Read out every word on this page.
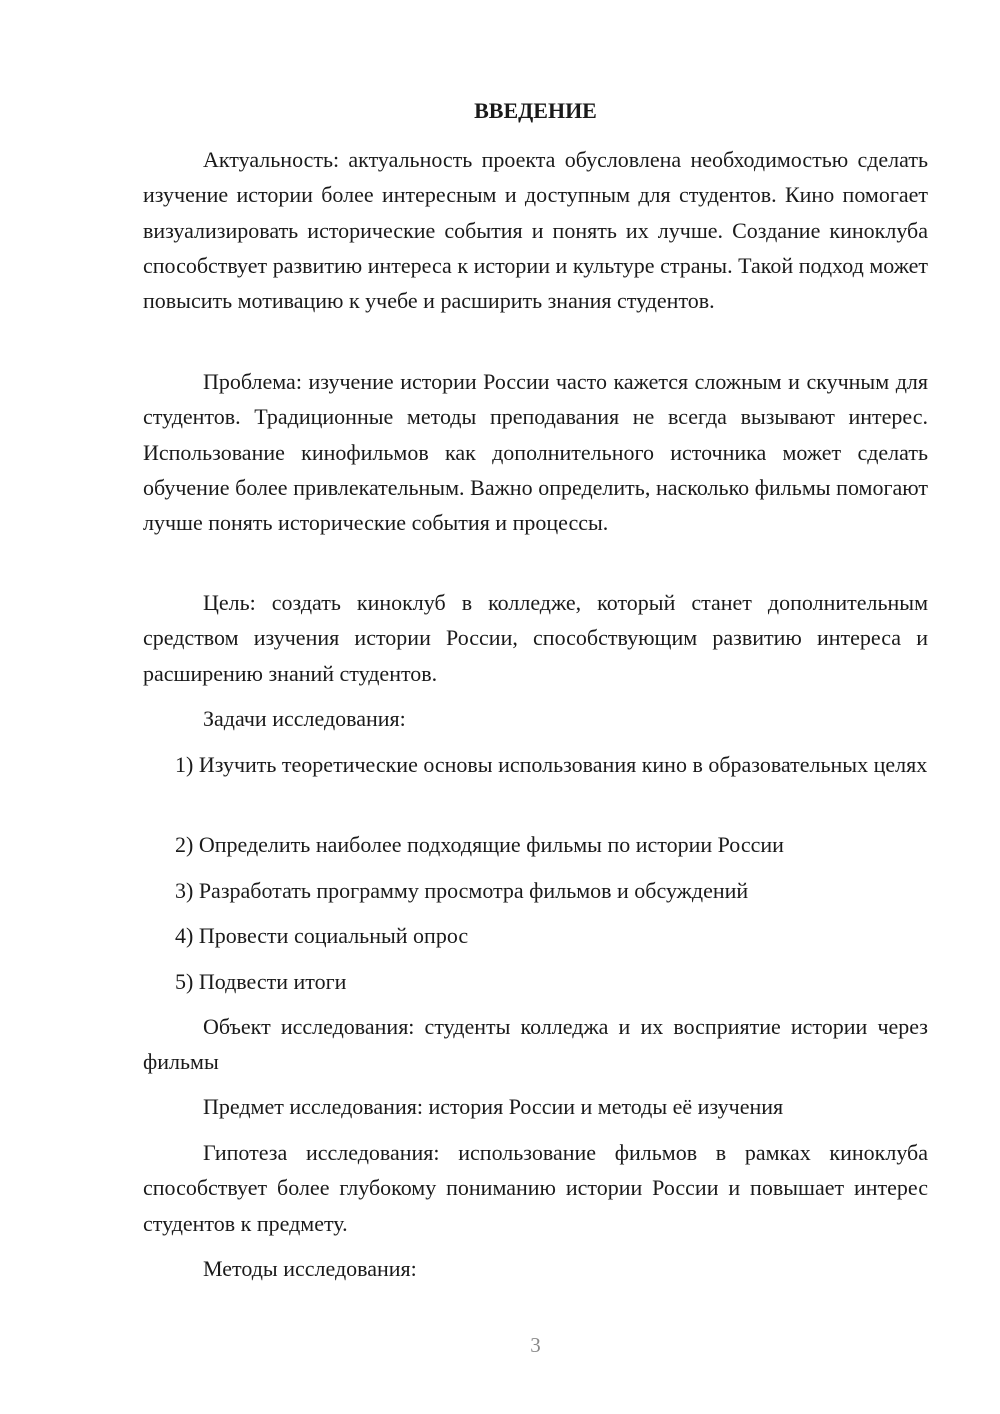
ВВЕДЕНИЕ
Актуальность: актуальность проекта обусловлена необходимостью сделать изучение истории более интересным и доступным для студентов. Кино помогает визуализировать исторические события и понять их лучше. Создание киноклуба способствует развитию интереса к истории и культуре страны. Такой подход может повысить мотивацию к учебе и расширить знания студентов.
Проблема: изучение истории России часто кажется сложным и скучным для студентов. Традиционные методы преподавания не всегда вызывают интерес. Использование кинофильмов как дополнительного источника может сделать обучение более привлекательным. Важно определить, насколько фильмы помогают лучше понять исторические события и процессы.
Цель: создать киноклуб в колледже, который станет дополнительным средством изучения истории России, способствующим развитию интереса и расширению знаний студентов.
Задачи исследования:
1) Изучить теоретические основы использования кино в образовательных целях
2) Определить наиболее подходящие фильмы по истории России
3) Разработать программу просмотра фильмов и обсуждений
4) Провести социальный опрос
5) Подвести итоги
Объект исследования: студенты колледжа и их восприятие истории через фильмы
Предмет исследования: история России и методы её изучения
Гипотеза исследования: использование фильмов в рамках киноклуба способствует более глубокому пониманию истории России и повышает интерес студентов к предмету.
Методы исследования:
3
